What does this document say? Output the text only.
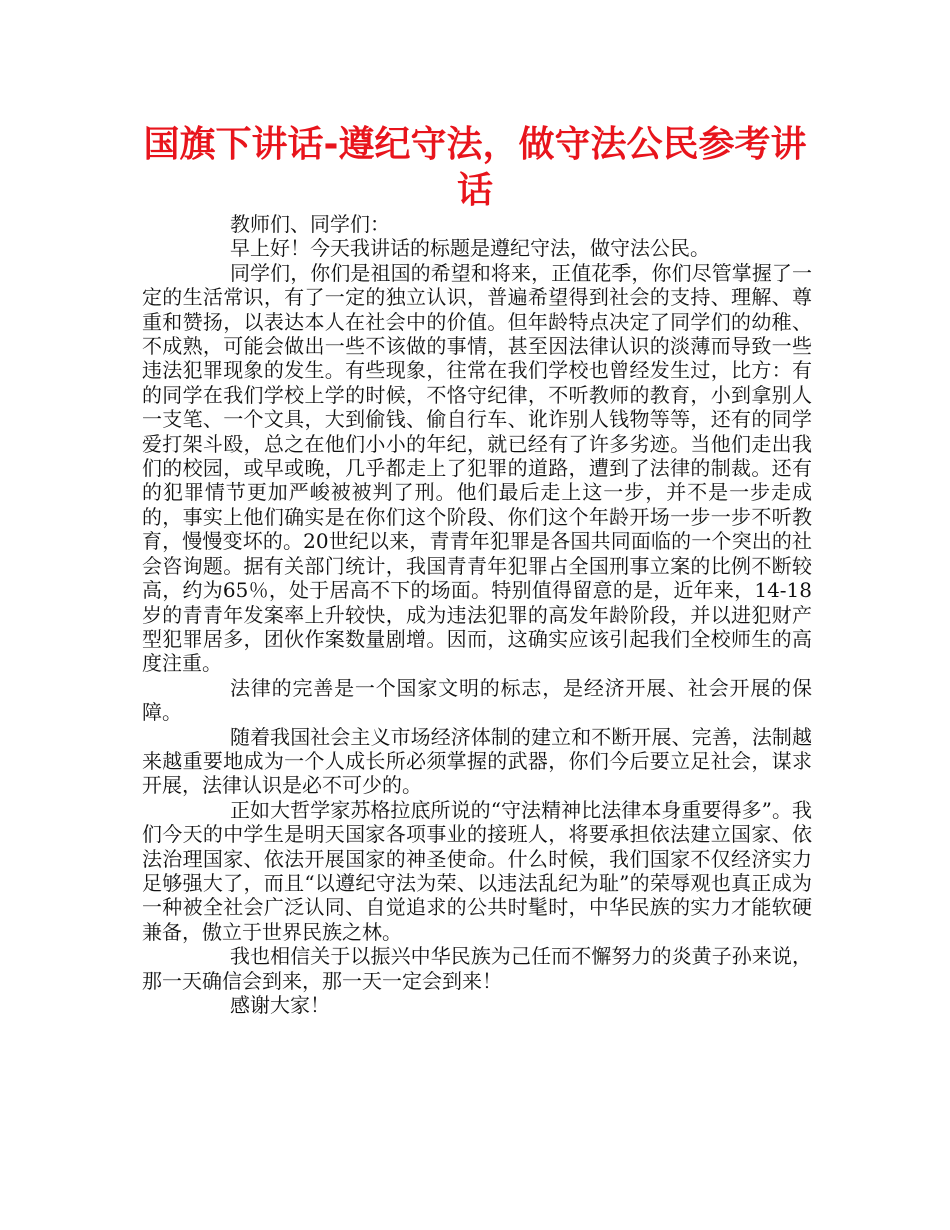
国旗下讲话-遵纪守法，做守法公民参考讲话

教师们、同学们：

早上好！今天我讲话的标题是遵纪守法，做守法公民。

同学们，你们是祖国的希望和将来，正值花季，你们尽管掌握了一定的生活常识，有了一定的独立认识，普遍希望得到社会的支持、理解、尊重和赞扬，以表达本人在社会中的价值。但年龄特点决定了同学们的幼稚、不成熟，可能会做出一些不该做的事情，甚至因法律认识的淡薄而导致一些违法犯罪现象的发生。有些现象，往常在我们学校也曾经发生过，比方：有的同学在我们学校上学的时候，不恪守纪律，不听教师的教育，小到拿别人一支笔、一个文具，大到偷钱、偷自行车、讹诈别人钱物等等，还有的同学爱打架斗殴，总之在他们小小的年纪，就已经有了许多劣迹。当他们走出我们的校园，或早或晚，几乎都走上了犯罪的道路，遭到了法律的制裁。还有的犯罪情节更加严峻被被判了刑。他们最后走上这一步，并不是一步走成的，事实上他们确实是在你们这个阶段、你们这个年龄开场一步一步不听教育，慢慢变坏的。20世纪以来，青青年犯罪是各国共同面临的一个突出的社会咨询题。据有关部门统计，我国青青年犯罪占全国刑事立案的比例不断较高，约为65％，处于居高不下的场面。特别值得留意的是，近年来，14-18岁的青青年发案率上升较快，成为违法犯罪的高发年龄阶段，并以进犯财产型犯罪居多，团伙作案数量剧增。因而，这确实应该引起我们全校师生的高度注重。

法律的完善是一个国家文明的标志，是经济开展、社会开展的保障。

随着我国社会主义市场经济体制的建立和不断开展、完善，法制越来越重要地成为一个人成长所必须掌握的武器，你们今后要立足社会，谋求开展，法律认识是必不可少的。

正如大哲学家苏格拉底所说的“守法精神比法律本身重要得多”。我们今天的中学生是明天国家各项事业的接班人，将要承担依法建立国家、依法治理国家、依法开展国家的神圣使命。什么时候，我们国家不仅经济实力足够强大了，而且“以遵纪守法为荣、以违法乱纪为耻”的荣辱观也真正成为一种被全社会广泛认同、自觉追求的公共时髦时，中华民族的实力才能软硬兼备，傲立于世界民族之林。

我也相信关于以振兴中华民族为己任而不懈努力的炎黄子孙来说，那一天确信会到来，那一天一定会到来！

感谢大家！
